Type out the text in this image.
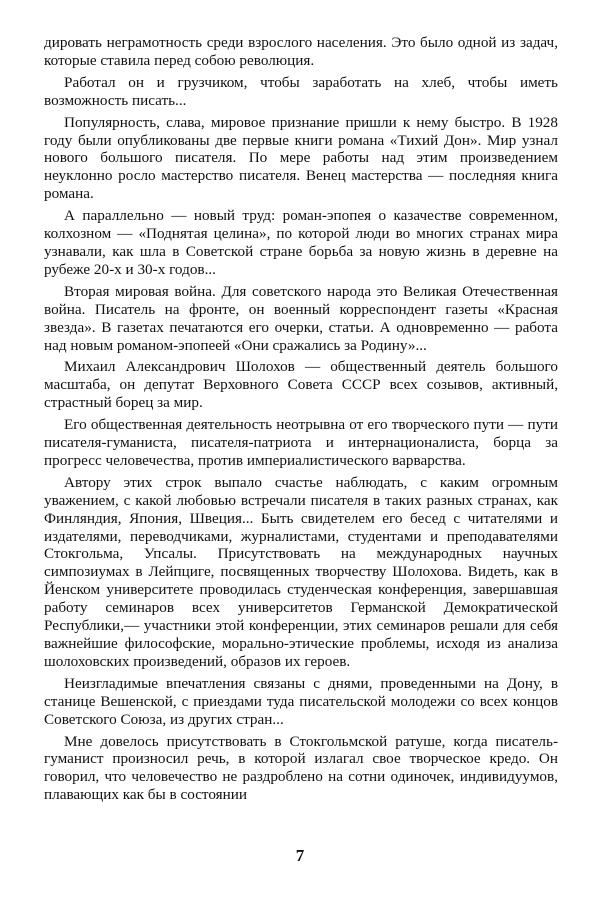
дировать неграмотность среди взрослого населения. Это было одной из задач, которые ставила перед собою революция.

Работал он и грузчиком, чтобы заработать на хлеб, чтобы иметь возможность писать...

Популярность, слава, мировое признание пришли к нему быстро. В 1928 году были опубликованы две первые книги романа «Тихий Дон». Мир узнал нового большого писателя. По мере работы над этим произведением неуклонно росло мастерство писателя. Венец мастерства — последняя книга романа.

А параллельно — новый труд: роман-эпопея о казачестве современном, колхозном — «Поднятая целина», по которой люди во многих странах мира узнавали, как шла в Советской стране борьба за новую жизнь в деревне на рубеже 20-х и 30-х годов...

Вторая мировая война. Для советского народа это Великая Отечественная война. Писатель на фронте, он военный корреспондент газеты «Красная звезда». В газетах печатаются его очерки, статьи. А одновременно — работа над новым романом-эпопеей «Они сражались за Родину»...

Михаил Александрович Шолохов — общественный деятель большого масштаба, он депутат Верховного Совета СССР всех созывов, активный, страстный борец за мир.

Его общественная деятельность неотрывна от его творческого пути — пути писателя-гуманиста, писателя-патриота и интернационалиста, борца за прогресс человечества, против империалистического варварства.

Автору этих строк выпало счастье наблюдать, с каким огромным уважением, с какой любовью встречали писателя в таких разных странах, как Финляндия, Япония, Швеция... Быть свидетелем его бесед с читателями и издателями, переводчиками, журналистами, студентами и преподавателями Стокгольма, Упсалы. Присутствовать на международных научных симпозиумах в Лейпциге, посвященных творчеству Шолохова. Видеть, как в Йенском университете проводилась студенческая конференция, завершавшая работу семинаров всех университетов Германской Демократической Республики,— участники этой конференции, этих семинаров решали для себя важнейшие философские, морально-этические проблемы, исходя из анализа шолоховских произведений, образов их героев.

Неизгладимые впечатления связаны с днями, проведенными на Дону, в станице Вешенской, с приездами туда писательской молодежи со всех концов Советского Союза, из других стран...

Мне довелось присутствовать в Стокгольмской ратуше, когда писатель-гуманист произносил речь, в которой излагал свое творческое кредо. Он говорил, что человечество не раздроблено на сотни одиночек, индивидуумов, плавающих как бы в состоянии

7
